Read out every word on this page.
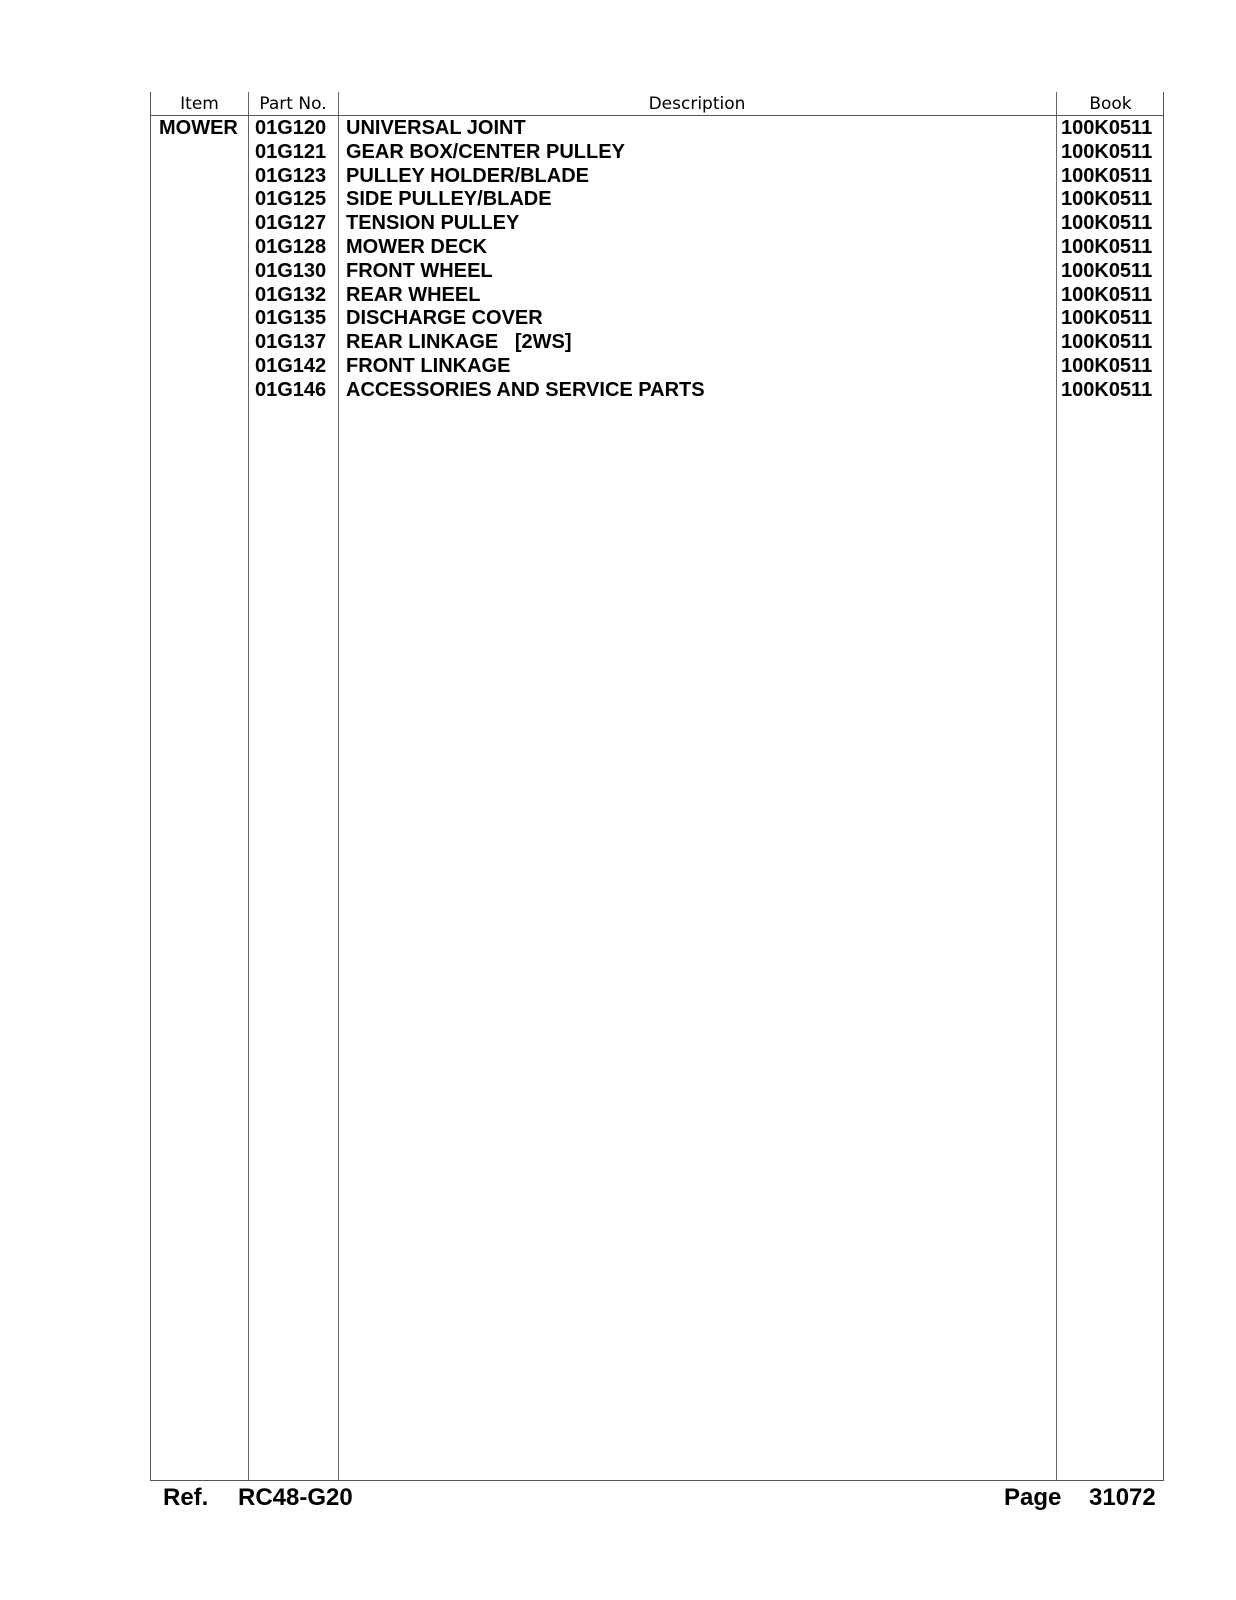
Item	Part No.	Description	Book
MOWER 01G120 UNIVERSAL JOINT	100K0511
01G121 GEAR BOX/CENTER PULLEY	100K0511
01G123 PULLEY HOLDER/BLADE	100K0511
01G125 SIDE PULLEY/BLADE	100K0511
01G127 TENSION PULLEY	100K0511
01G128 MOWER DECK	100K0511
01G130 FRONT WHEEL	100K0511
01G132 REAR WHEEL	100K0511
01G135 DISCHARGE COVER	100K0511
01G137 REAR LINKAGE   [2WS]	100K0511
01G142 FRONT LINKAGE	100K0511
01G146 ACCESSORIES AND SERVICE PARTS	100K0511
Ref. RC48-G20	Page 31072
